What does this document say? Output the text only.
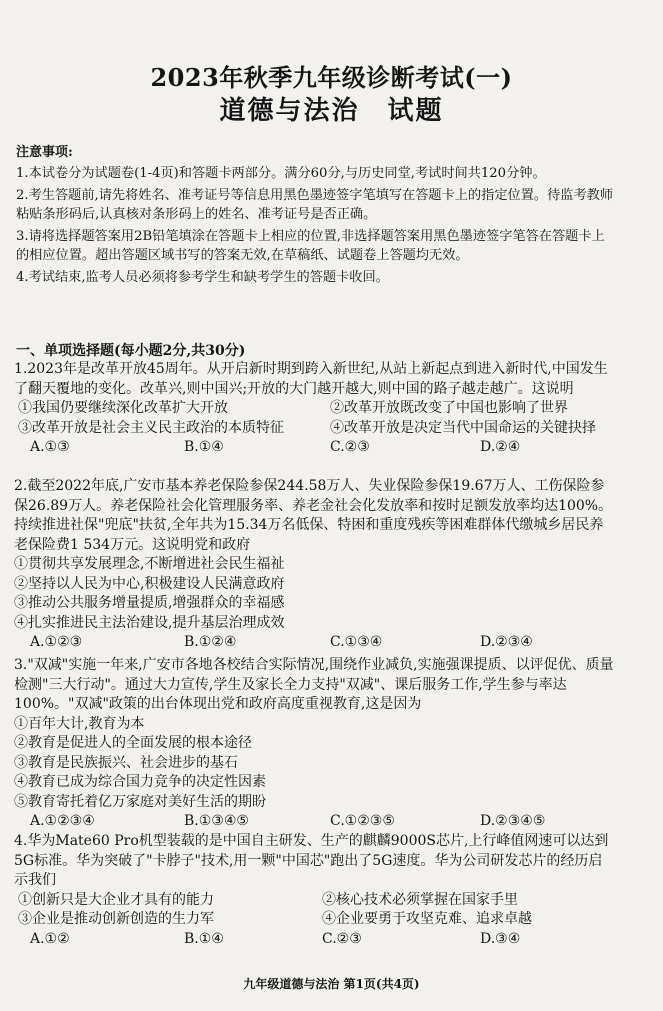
2023年秋季九年级诊断考试(一)
道德与法治 试题
注意事项:

1.本试卷分为试题卷(1-4页)和答题卡两部分。满分60分,与历史同堂,考试时间共120分钟。

2.考生答题前,请先将姓名、准考证号等信息用黑色墨迹签字笔填写在答题卡上的指定位置。待监考教师粘贴条形码后,认真核对条形码上的姓名、准考证号是否正确。

3.请将选择题答案用2B铅笔填涂在答题卡上相应的位置,非选择题答案用黑色墨迹签字笔答在答题卡上的相应位置。超出答题区域书写的答案无效,在草稿纸、试题卷上答题均无效。

4.考试结束,监考人员必须将参考学生和缺考学生的答题卡收回。

一、单项选择题(每小题2分,共30分)

1.2023年是改革开放45周年。从开启新时期到跨入新世纪,从站上新起点到进入新时代,中国发生了翻天覆地的变化。改革兴,则中国兴;开放的大门越开越大,则中国的路子越走越广。这说明

①我国仍要继续深化改革扩大开放	②改革开放既改变了中国也影响了世界
③改革开放是社会主义民主政治的本质特征	④改革开放是决定当代中国命运的关键抉择
A.①③	B.①④	C.②③	D.②④

2.截至2022年底,广安市基本养老保险参保244.58万人、失业保险参保19.67万人、工伤保险参保26.89万人。养老保险社会化管理服务率、养老金社会化发放率和按时足额发放率均达100%。持续推进社保"兜底"扶贫,全年共为15.34万名低保、特困和重度残疾等困难群体代缴城乡居民养老保险费1 534万元。这说明党和政府

①贯彻共享发展理念,不断增进社会民生福祉

②坚持以人民为中心,积极建设人民满意政府

③推动公共服务增量提质,增强群众的幸福感

④扎实推进民主法治建设,提升基层治理成效

A.①②③	B.①②④	C.①③④	D.②③④

3."双减"实施一年来,广安市各地各校结合实际情况,围绕作业减负,实施强课提质、以评促优、质量检测"三大行动"。通过大力宣传,学生及家长全力支持"双减"、课后服务工作,学生参与率达100%。"双减"政策的出台体现出党和政府高度重视教育,这是因为

①百年大计,教育为本

②教育是促进人的全面发展的根本途径

③教育是民族振兴、社会进步的基石

④教育已成为综合国力竞争的决定性因素

⑤教育寄托着亿万家庭对美好生活的期盼

A.①②③④	B.①③④⑤	C.①②③⑤	D.②③④⑤

4.华为Mate60 Pro机型装载的是中国自主研发、生产的麒麟9000S芯片,上行峰值网速可以达到5G标准。华为突破了"卡脖子"技术,用一颗"中国芯"跑出了5G速度。华为公司研发芯片的经历启示我们

①创新只是大企业才具有的能力	②核心技术必须掌握在国家手里
③企业是推动创新创造的生力军	④企业要勇于攻坚克难、追求卓越
A.①②	B.①④	C.②③	D.③④
九年级道德与法治 第1页(共4页)
